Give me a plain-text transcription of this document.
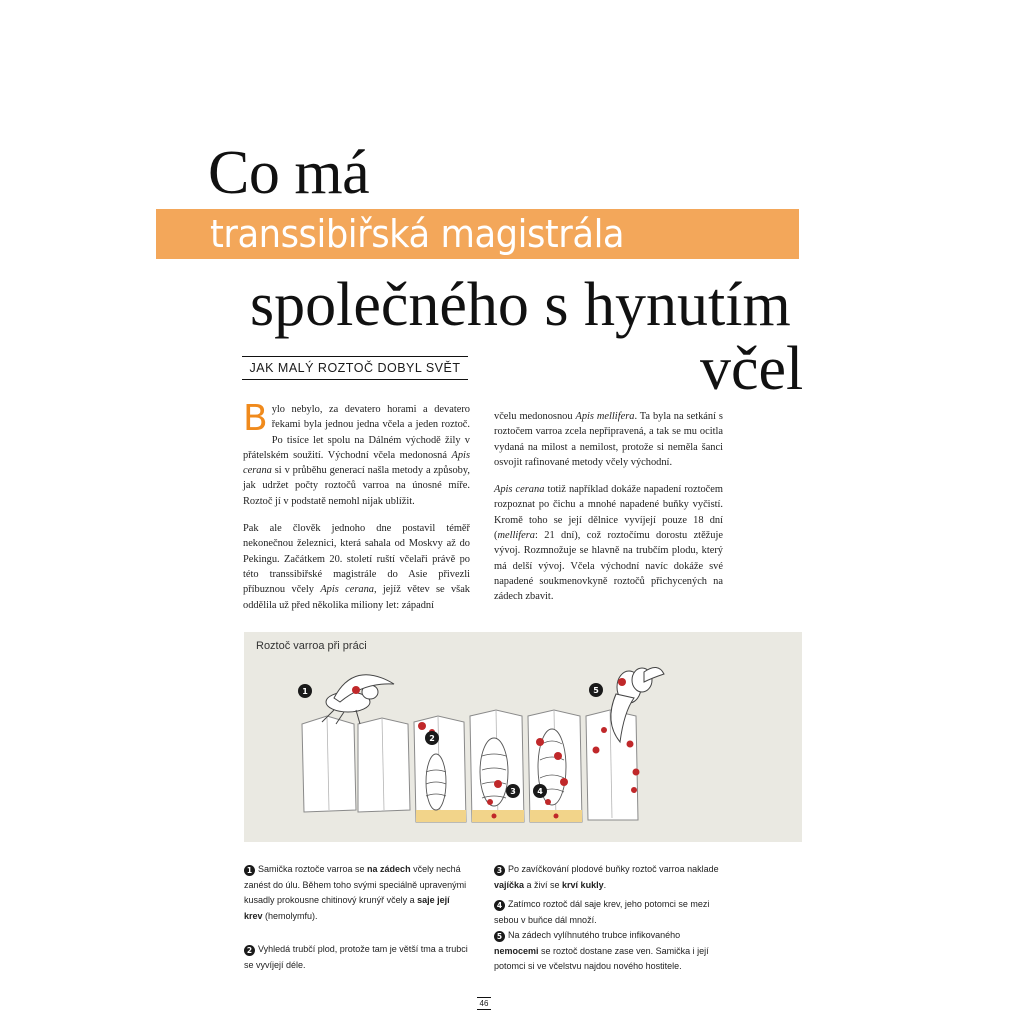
Co má
transsibiřská magistrála
společného s hynutím
včel
JAK MALÝ ROZTOČ DOBYL SVĚT

Bylo nebylo, za devatero horami a devatero řekami byla jednou jedna včela a jeden roztoč. Po tisíce let spolu na Dálném východě žily v přátelském soužití. Východní včela medonosná Apis cerana si v průběhu generací našla metody a způsoby, jak udržet počty roztočů varroa na únosné míře. Roztoč jí v podstatě nemohl nijak ublížit.

Pak ale člověk jednoho dne postavil téměř nekonečnou železnici, která sahala od Moskvy až do Pekingu. Začátkem 20. století ruští včelaři právě po této transsibiřské magistrále do Asie přivezli příbuznou včely Apis cerana, jejíž větev se však oddělila už před několika miliony let: západní

včelu medonosnou Apis mellifera. Ta byla na setkání s roztočem varroa zcela nepřipravená, a tak se mu ocitla vydaná na milost a nemilost, protože si neměla šanci osvojit rafinované metody včely východní.

Apis cerana totiž například dokáže napadení roztočem rozpoznat po čichu a mnohé napadené buňky vyčistí. Kromě toho se její dělnice vyvíjejí pouze 18 dní (mellifera: 21 dní), což roztočímu dorostu ztěžuje vývoj. Rozmnožuje se hlavně na trubčím plodu, který má delší vývoj. Včela východní navíc dokáže své napadené soukmenovkyně roztočů přichycených na zádech zbavit.

Roztoč varroa při práci
1
2
3	4
5
1 Samička roztoče varroa se na zádech včely nechá zanést do úlu. Během toho svými speciálně upravenými kusadly prokousne chitinový krunýř včely a saje její krev (hemolymfu).
2 Vyhledá trubčí plod, protože tam je větší tma a trubci se vyvíjejí déle.
3 Po zavíčkování plodové buňky roztoč varroa naklade vajíčka a živí se krví kukly.
4 Zatímco roztoč dál saje krev, jeho potomci se mezi sebou v buňce dál množí.
5 Na zádech vylíhnutého trubce infikovaného nemocemi se roztoč dostane zase ven. Samička i její potomci si ve včelstvu najdou nového hostitele.
46
